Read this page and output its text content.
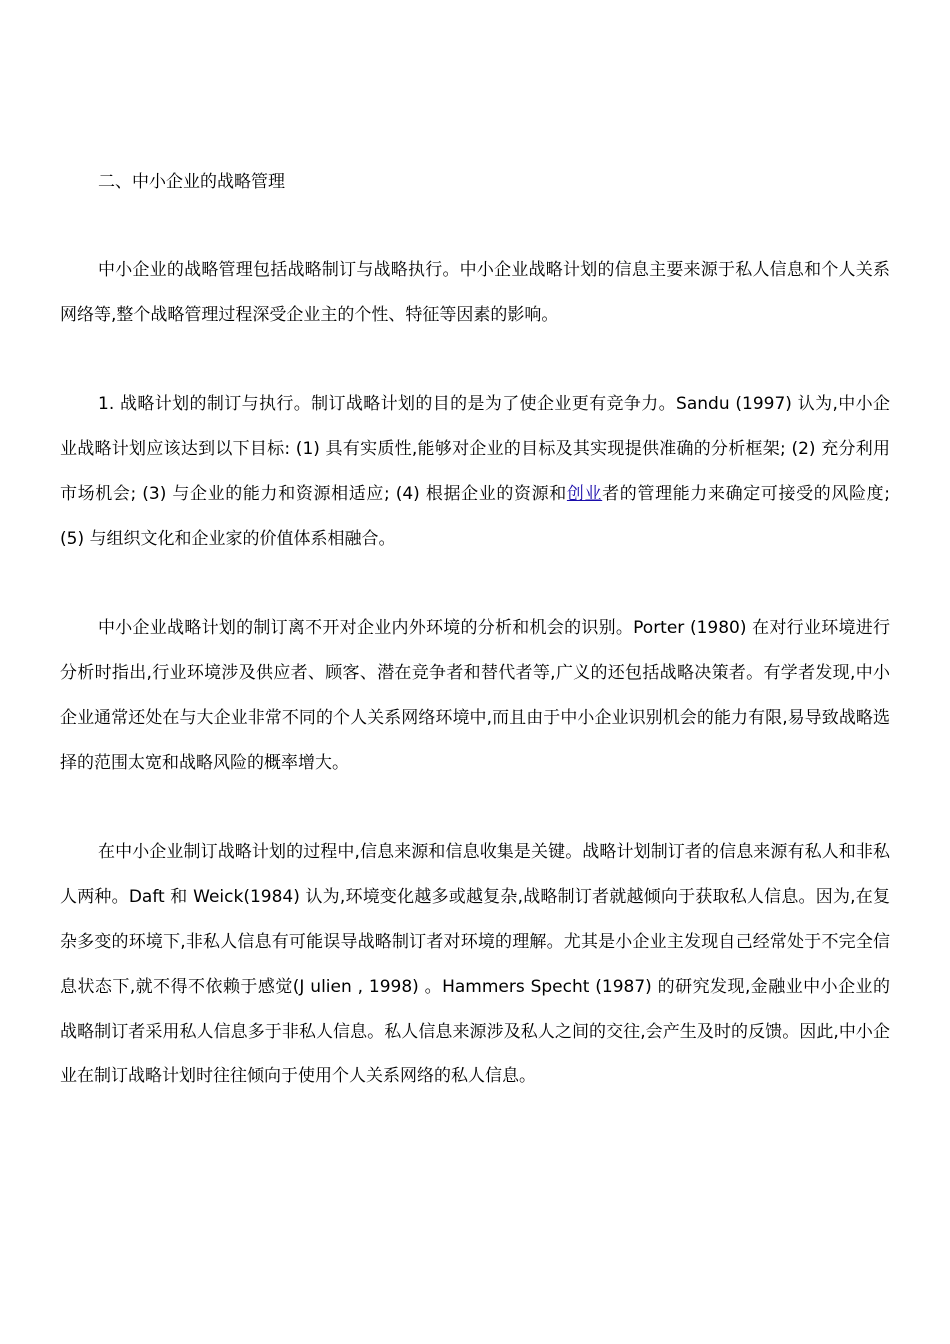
二、中小企业的战略管理

中小企业的战略管理包括战略制订与战略执行。中小企业战略计划的信息主要来源于私人信息和个人关系网络等,整个战略管理过程深受企业主的个性、特征等因素的影响。

1. 战略计划的制订与执行。制订战略计划的目的是为了使企业更有竞争力。Sandu (1997) 认为,中小企业战略计划应该达到以下目标: (1) 具有实质性,能够对企业的目标及其实现提供准确的分析框架; (2) 充分利用市场机会; (3) 与企业的能力和资源相适应; (4) 根据企业的资源和创业者的管理能力来确定可接受的风险度; (5) 与组织文化和企业家的价值体系相融合。

中小企业战略计划的制订离不开对企业内外环境的分析和机会的识别。Porter (1980) 在对行业环境进行分析时指出,行业环境涉及供应者、顾客、潜在竞争者和替代者等,广义的还包括战略决策者。有学者发现,中小企业通常还处在与大企业非常不同的个人关系网络环境中,而且由于中小企业识别机会的能力有限,易导致战略选择的范围太宽和战略风险的概率增大。

在中小企业制订战略计划的过程中,信息来源和信息收集是关键。战略计划制订者的信息来源有私人和非私人两种。Daft 和 Weick(1984) 认为,环境变化越多或越复杂,战略制订者就越倾向于获取私人信息。因为,在复杂多变的环境下,非私人信息有可能误导战略制订者对环境的理解。尤其是小企业主发现自己经常处于不完全信息状态下,就不得不依赖于感觉(J ulien , 1998) 。Hammers Specht (1987) 的研究发现,金融业中小企业的战略制订者采用私人信息多于非私人信息。私人信息来源涉及私人之间的交往,会产生及时的反馈。因此,中小企业在制订战略计划时往往倾向于使用个人关系网络的私人信息。
